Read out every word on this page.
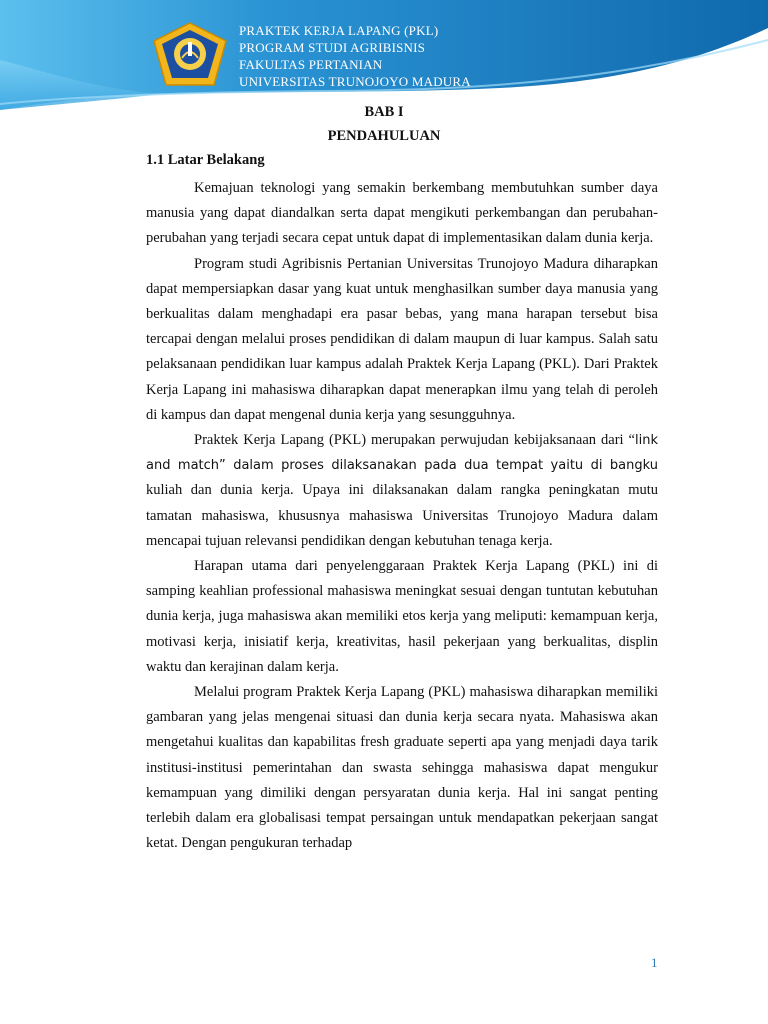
PRAKTEK KERJA LAPANG (PKL)
PROGRAM STUDI AGRIBISNIS
FAKULTAS PERTANIAN
UNIVERSITAS TRUNOJOYO MADURA
BAB I
PENDAHULUAN
1.1 Latar Belakang

Kemajuan teknologi yang semakin berkembang membutuhkan sumber daya manusia yang dapat diandalkan serta dapat mengikuti perkembangan dan perubahan-perubahan yang terjadi secara cepat untuk dapat di implementasikan dalam dunia kerja.

Program studi Agribisnis Pertanian Universitas Trunojoyo Madura diharapkan dapat mempersiapkan dasar yang kuat untuk menghasilkan sumber daya manusia yang berkualitas dalam menghadapi era pasar bebas, yang mana harapan tersebut bisa tercapai dengan melalui proses pendidikan di dalam maupun di luar kampus. Salah satu pelaksanaan pendidikan luar kampus adalah Praktek Kerja Lapang (PKL). Dari Praktek Kerja Lapang ini mahasiswa diharapkan dapat menerapkan ilmu yang telah di peroleh di kampus dan dapat mengenal dunia kerja yang sesungguhnya.

Praktek Kerja Lapang (PKL) merupakan perwujudan kebijaksanaan dari “link and match” dalam proses dilaksanakan pada dua tempat yaitu di bangku kuliah dan dunia kerja. Upaya ini dilaksanakan dalam rangka peningkatan mutu tamatan mahasiswa, khususnya mahasiswa Universitas Trunojoyo Madura dalam mencapai tujuan relevansi pendidikan dengan kebutuhan tenaga kerja.

Harapan utama dari penyelenggaraan Praktek Kerja Lapang (PKL) ini di samping keahlian professional mahasiswa meningkat sesuai dengan tuntutan kebutuhan dunia kerja, juga mahasiswa akan memiliki etos kerja yang meliputi: kemampuan kerja, motivasi kerja, inisiatif kerja, kreativitas, hasil pekerjaan yang berkualitas, displin waktu dan kerajinan dalam kerja.

Melalui program Praktek Kerja Lapang (PKL) mahasiswa diharapkan memiliki gambaran yang jelas mengenai situasi dan dunia kerja secara nyata. Mahasiswa akan mengetahui kualitas dan kapabilitas fresh graduate seperti apa yang menjadi daya tarik institusi-institusi pemerintahan dan swasta sehingga mahasiswa dapat mengukur kemampuan yang dimiliki dengan persyaratan dunia kerja. Hal ini sangat penting terlebih dalam era globalisasi tempat persaingan untuk mendapatkan pekerjaan sangat ketat. Dengan pengukuran terhadap

1
